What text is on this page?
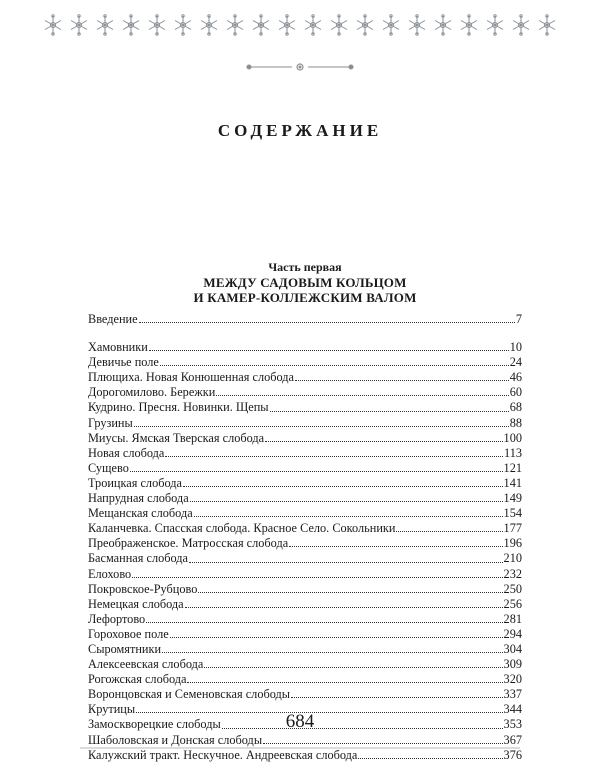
СОДЕРЖАНИЕ
Часть первая
МЕЖДУ САДОВЫМ КОЛЬЦОМ
И КАМЕР-КОЛЛЕЖСКИМ ВАЛОМ
Введение	7
Хамовники	10
Девичье поле	24
Плющиха. Новая Конюшенная слобода	46
Дорогомилово. Бережки	60
Кудрино. Пресня. Новинки. Щепы	68
Грузины	88
Миусы. Ямская Тверская слобода	100
Новая слобода	113
Сущево	121
Троицкая слобода	141
Напрудная слобода	149
Мещанская слобода	154
Каланчевка. Спасская слобода. Красное Село. Сокольники	177
Преображенское. Матросская слобода	196
Басманная слобода	210
Елохово	232
Покровское-Рубцово	250
Немецкая слобода	256
Лефортово	281
Гороховое поле	294
Сыромятники	304
Алексеевская слобода	309
Рогожская слобода	320
Воронцовская и Семеновская слободы	337
Крутицы	344
Замоскворецкие слободы	353
Шаболовская и Донская слободы	367
Калужский тракт. Нескучное. Андреевская слобода	376
684
